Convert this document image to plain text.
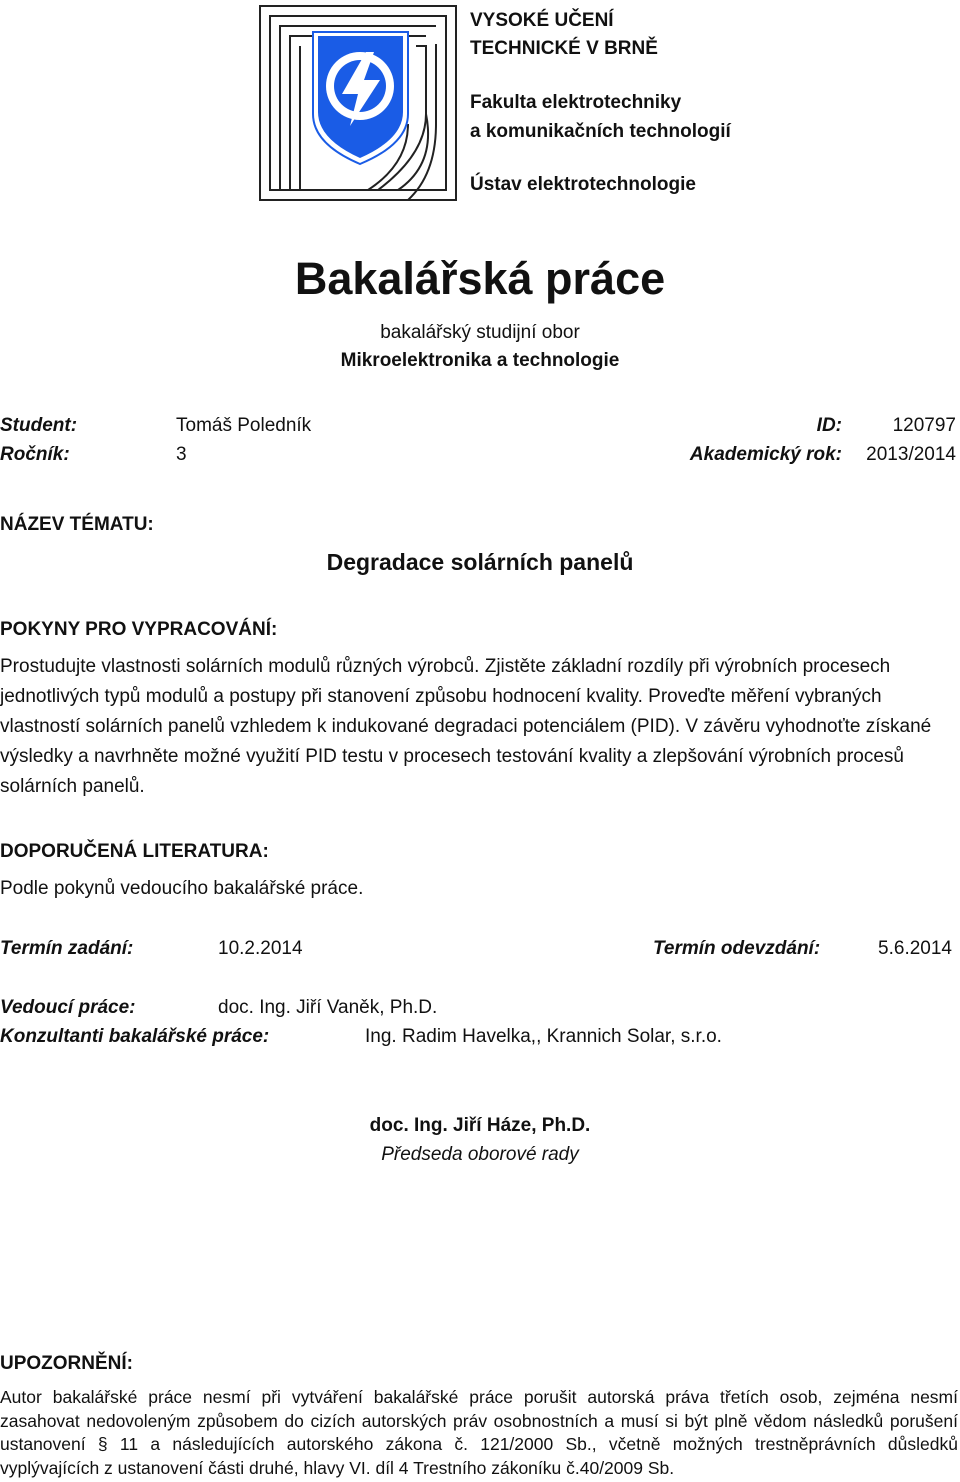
VYSOKÉ UČENÍ
TECHNICKÉ V BRNĚ
Fakulta elektrotechniky
a komunikačních technologií
Ústav elektrotechnologie
Bakalářská práce
bakalářský studijní obor
Mikroelektronika a technologie
Student:	Tomáš Poledník	ID:	120797
Ročník:	3	Akademický rok: 2013/2014
NÁZEV TÉMATU:
Degradace solárních panelů
POKYNY PRO VYPRACOVÁNÍ:
Prostudujte vlastnosti solárních modulů různých výrobců. Zjistěte základní rozdíly při výrobních procesech jednotlivých typů modulů a postupy při stanovení způsobu hodnocení kvality. Proveďte měření vybraných vlastností solárních panelů vzhledem k indukované degradaci potenciálem (PID). V závěru vyhodnoťte získané výsledky a navrhněte možné využití PID testu v procesech testování kvality a zlepšování výrobních procesů solárních panelů.
DOPORUČENÁ LITERATURA:
Podle pokynů vedoucího bakalářské práce.
Termín zadání:	10.2.2014	Termín odevzdání:	5.6.2014
Vedoucí práce:	doc. Ing. Jiří Vaněk, Ph.D.
Konzultanti bakalářské práce:	Ing. Radim Havelka,, Krannich Solar, s.r.o.
doc. Ing. Jiří Háze, Ph.D.
Předseda oborové rady
UPOZORNĚNÍ:
Autor bakalářské práce nesmí při vytváření bakalářské práce porušit autorská práva třetích osob, zejména nesmí zasahovat nedovoleným způsobem do cizích autorských práv osobnostních a musí si být plně vědom následků porušení ustanovení § 11 a následujících autorského zákona č. 121/2000 Sb., včetně možných trestněprávních důsledků vyplývajících z ustanovení části druhé, hlavy VI. díl 4 Trestního zákoníku č.40/2009 Sb.
